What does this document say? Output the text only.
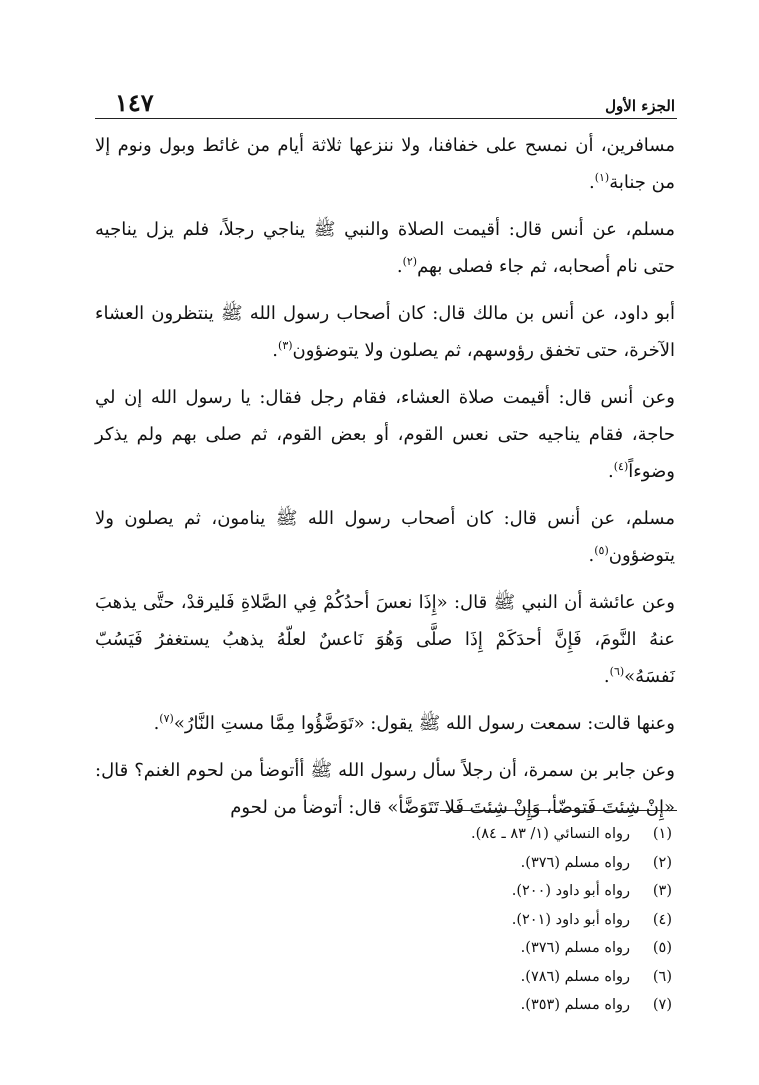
الجزء الأول
١٤٧

مسافرين، أن نمسح على خفافنا، ولا ننزعها ثلاثة أيام من غائط وبول ونوم إلا من جنابة$^{(١)}$.

مسلم، عن أنس قال: أقيمت الصلاة والنبي ﷺ يناجي رجلاً، فلم يزل يناجيه حتى نام أصحابه، ثم جاء فصلى بهم$^{(٢)}$.

أبو داود، عن أنس بن مالك قال: كان أصحاب رسول الله ﷺ ينتظرون العشاء الآخرة، حتى تخفق رؤوسهم، ثم يصلون ولا يتوضؤون$^{(٣)}$.

وعن أنس قال: أقيمت صلاة العشاء، فقام رجل فقال: يا رسول الله إن لي حاجة، فقام يناجيه حتى نعس القوم، أو بعض القوم، ثم صلى بهم ولم يذكر وضوءاً$^{(٤)}$.

مسلم، عن أنس قال: كان أصحاب رسول الله ﷺ ينامون، ثم يصلون ولا يتوضؤون$^{(٥)}$.

وعن عائشة أن النبي ﷺ قال: «إِذَا نعسَ أحدُكُمْ فِي الصَّلاةِ فَليرقدْ، حتَّى يذهبَ عنهُ النَّومَ، فَإِنَّ أحدَكَمْ إِذَا صلَّى وَهُوَ نَاعسٌ لعلّهُ يذهبُ يستغفرُ فَيَسُبّ نَفسَهُ»$^{(٦)}$.

وعنها قالت: سمعت رسول الله ﷺ يقول: «تَوَضَّؤُوا مِمَّا مستِ النَّارُ»$^{(٧)}$.

وعن جابر بن سمرة، أن رجلاً سأل رسول الله ﷺ أأتوضأ من لحوم الغنم؟ قال: «إِنْ شِئتَ فَتوضّأ، وَإِنْ شِئتَ فَلا تَتَوَضَّأ» قال: أتوضأ من لحوم

(١)
رواه النسائي (١/ ٨٣ ـ ٨٤).
(٢)
رواه مسلم (٣٧٦).
(٣)
رواه أبو داود (٢٠٠).
(٤)
رواه أبو داود (٢٠١).
(٥)
رواه مسلم (٣٧٦).
(٦)
رواه مسلم (٧٨٦).
(٧)
رواه مسلم (٣٥٣).
